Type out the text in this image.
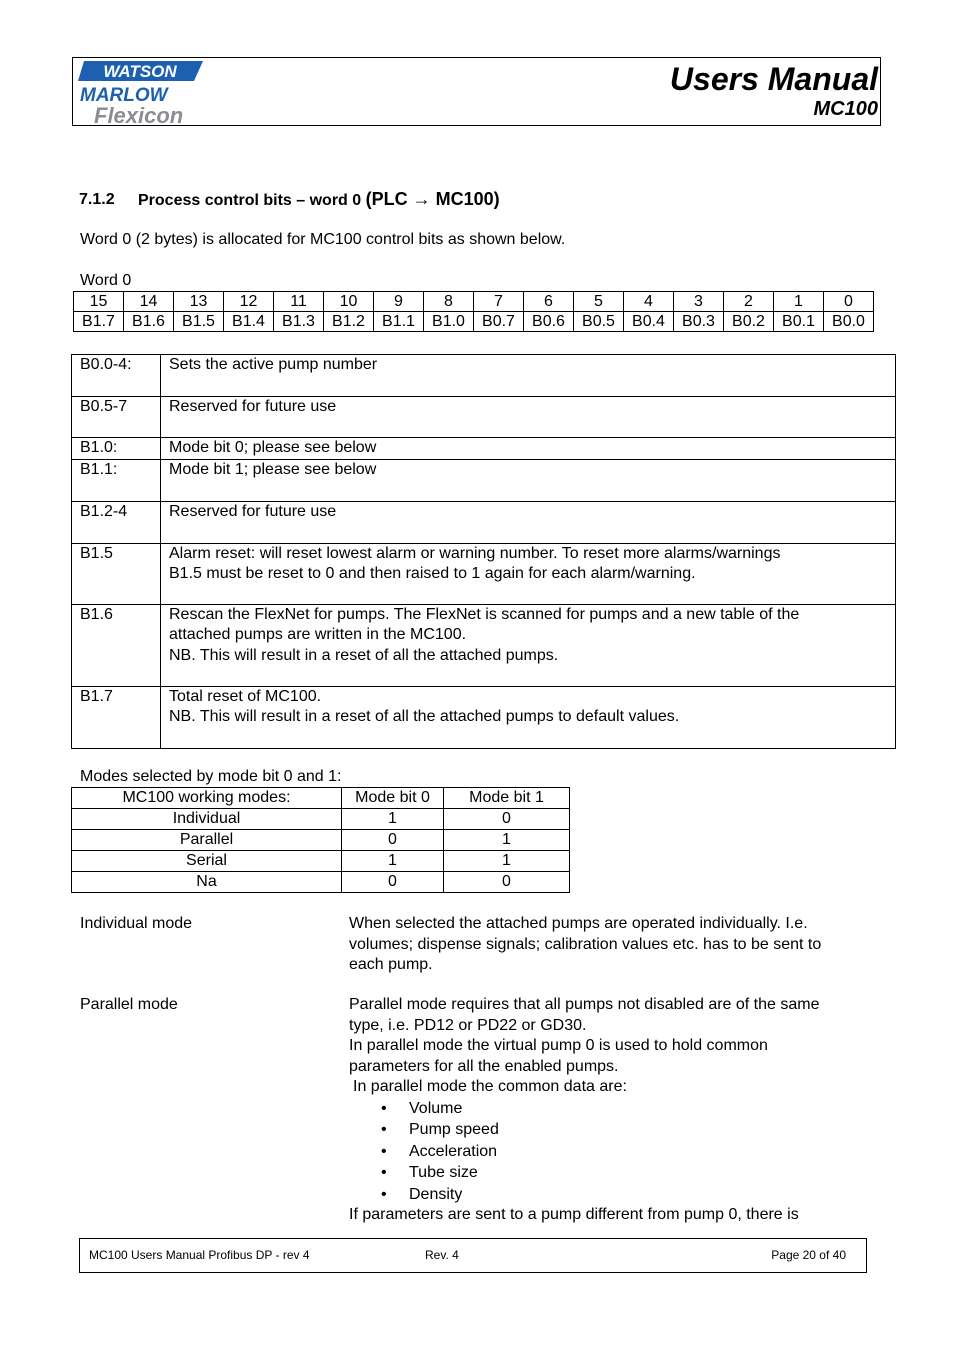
WATSON
MARLOW
Flexicon
Users Manual
MC100
7.1.2 Process control bits – word 0 (PLC → MC100)
Word 0 (2 bytes) is allocated for MC100 control bits as shown below.
Word 0
15	14	13	12	11	10	9	8	7	6	5	4	3	2	1	0
B1.7	B1.6	B1.5	B1.4	B1.3	B1.2	B1.1	B1.0	B0.7	B0.6	B0.5	B0.4	B0.3	B0.2	B0.1	B0.0
B0.0-4:	Sets the active pump number

B0.5-7	Reserved for future use

B1.0:	Mode bit 0; please see below

B1.1:	Mode bit 1; please see below

B1.2-4	Reserved for future use

B1.5	Alarm reset: will reset lowest alarm or warning number. To reset more alarms/warnings
B1.5 must be reset to 0 and then raised to 1 again for each alarm/warning.

B1.6	Rescan the FlexNet for pumps. The FlexNet is scanned for pumps and a new table of the
attached pumps are written in the MC100.
NB. This will result in a reset of all the attached pumps.

B1.7	Total reset of MC100.
NB. This will result in a reset of all the attached pumps to default values.
Modes selected by mode bit 0 and 1:
MC100 working modes:	Mode bit 0	Mode bit 1
Individual	1	0
Parallel	0	1
Serial	1	1
Na	0	0
Individual mode	When selected the attached pumps are operated individually. I.e.
volumes; dispense signals; calibration values etc. has to be sent to
each pump.
Parallel mode	Parallel mode requires that all pumps not disabled are of the same
type, i.e. PD12 or PD22 or GD30.
In parallel mode the virtual pump 0 is used to hold common
parameters for all the enabled pumps.
In parallel mode the common data are:
• Volume
• Pump speed
• Acceleration
• Tube size
• Density
If parameters are sent to a pump different from pump 0, there is
MC100 Users Manual Profibus DP - rev 4	Rev. 4	Page 20 of 40
